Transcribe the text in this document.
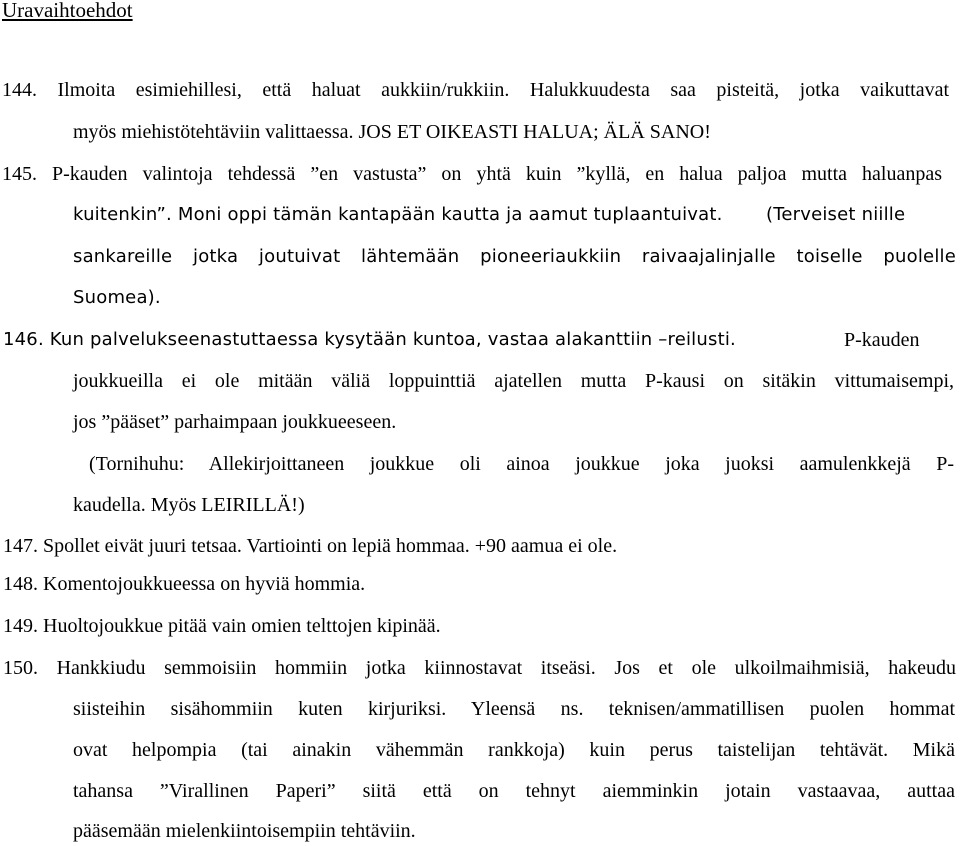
Uravaihtoehdot
144. Ilmoita esimiehillesi, että haluat aukkiin/rukkiin. Halukkuudesta saa pisteitä, jotka vaikuttavat
myös miehistötehtäviin valittaessa. JOS ET OIKEASTI HALUA; ÄLÄ SANO!
145. P-kauden valintoja tehdessä ”en vastusta” on yhtä kuin ”kyllä, en halua paljoa mutta haluanpas
kuitenkin”. Moni oppi tämän kantapään kautta ja aamut tuplaantuivat. (Terveiset niille
sankareille jotka joutuivat lähtemään pioneeriaukkiin raivaajalinjalle toiselle puolelle
Suomea).
146. Kun palvelukseenastuttaessa kysytään kuntoa, vastaa alakanttiin –reilusti.	P-kauden
joukkueilla ei ole mitään väliä loppuinttiä ajatellen mutta P-kausi on sitäkin vittumaisempi,
jos ”pääset” parhaimpaan joukkueeseen.
(Tornihuhu: Allekirjoittaneen joukkue oli ainoa joukkue joka juoksi aamulenkkejä P-
kaudella. Myös LEIRILLÄ!)
147. Spollet eivät juuri tetsaa. Vartiointi on lepiä hommaa. +90 aamua ei ole.
148. Komentojoukkueessa on hyviä hommia.
149. Huoltojoukkue pitää vain omien telttojen kipinää.
150. Hankkiudu semmoisiin hommiin jotka kiinnostavat itseäsi. Jos et ole ulkoilmaihmisiä, hakeudu
siisteihin sisähommiin kuten kirjuriksi. Yleensä ns. teknisen/ammatillisen puolen hommat
ovat helpompia (tai ainakin vähemmän rankkoja) kuin perus taistelijan tehtävät. Mikä
tahansa ”Virallinen Paperi” siitä että on tehnyt aiemminkin jotain vastaavaa, auttaa
pääsemään mielenkiintoisempiin tehtäviin.
